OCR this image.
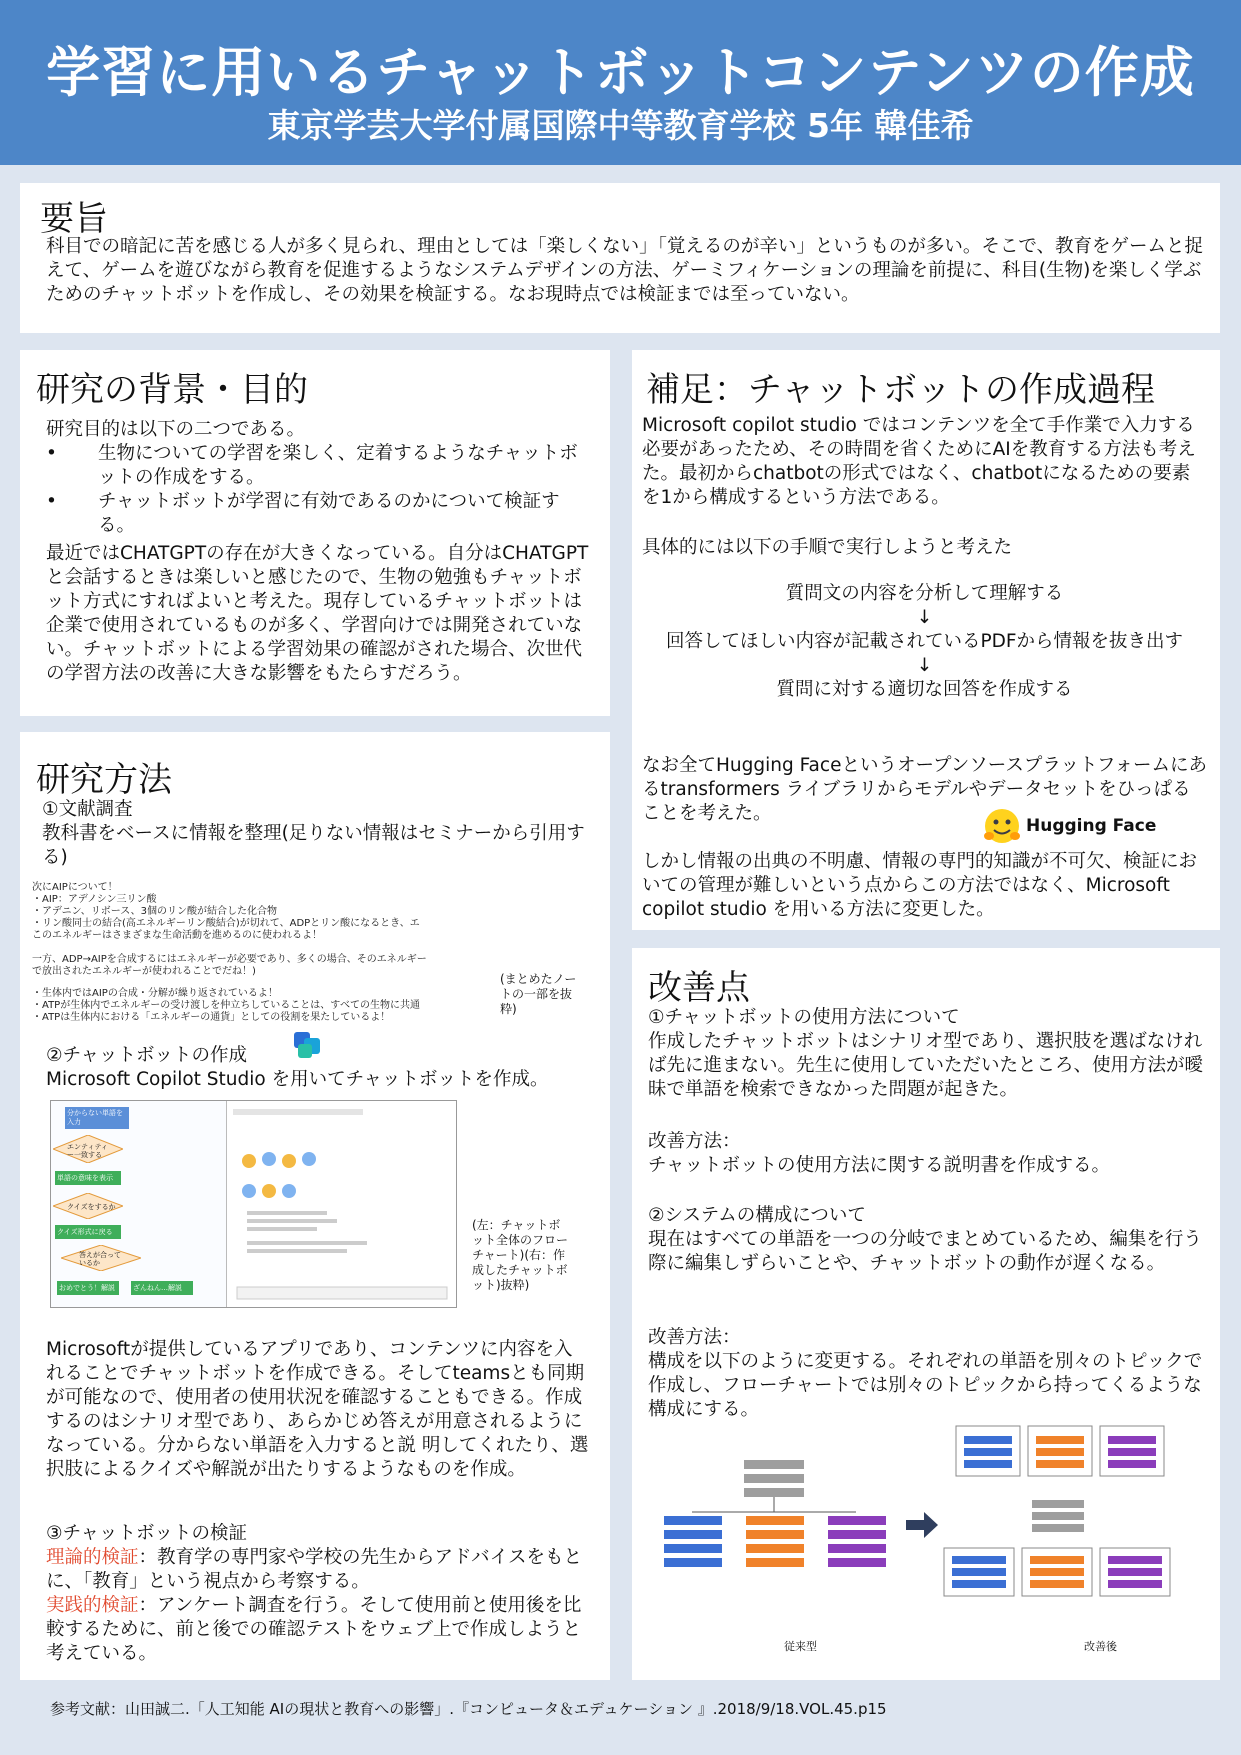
学習に用いるチャットボットコンテンツの作成
東京学芸大学付属国際中等教育学校 5年 韓佳希
要旨

科目での暗記に苦を感じる人が多く見られ、理由としては「楽しくない」「覚えるのが辛い」というものが多い。そこで、教育をゲームと捉えて、ゲームを遊びながら教育を促進するようなシステムデザインの方法、ゲーミフィケーションの理論を前提に、科目(生物)を楽しく学ぶためのチャットボットを作成し、その効果を検証する。なお現時点では検証までは至っていない。

研究の背景・目的

研究目的は以下の二つである。

• 生物についての学習を楽しく、定着するようなチャットボットの作成をする。

• チャットボットが学習に有効であるのかについて検証する。

最近ではCHATGPTの存在が大きくなっている。自分はCHATGPTと会話するときは楽しいと感じたので、生物の勉強もチャットボット方式にすればよいと考えた。現存しているチャットボットは企業で使用されているものが多く、学習向けでは開発されていない。チャットボットによる学習効果の確認がされた場合、次世代の学習方法の改善に大きな影響をもたらすだろう。

研究方法

①文献調査

教科書をベースに情報を整理(足りない情報はセミナーから引用する)

次にAIPについて！
・AIP：アデノシン三リン酸
・アデニン、リボース、3個のリン酸が結合した化合物
・リン酸同士の結合(高エネルギーリン酸結合)が切れて、ADPとリン酸になるとき、エ
このエネルギーはさまざまな生命活動を進めるのに使われるよ！
一方、ADP→AIPを合成するにはエネルギーが必要であり、多くの場合、そのエネルギー
で放出されたエネルギーが使われることでだね！)
・生体内ではAIPの合成・分解が繰り返されているよ！
・ATPが生体内でエネルギーの受け渡しを仲立ちしていることは、すべての生物に共通
・ATPは生体内における「エネルギーの通貨」としての役割を果たしているよ！

(まとめたノートの一部を抜粋)

②チャットボットの作成

Microsoft Copilot Studio を用いてチャットボットを作成。

分からない単語を入力
エンティティー一致する
単語の意味を表示
クイズをするか
クイズ形式に戻る
答えが合っているか
おめでとう！解説	ざんねん…解説

(左：チャットボット全体のフローチャート)(右：作成したチャットボット)抜粋)

Microsoftが提供しているアプリであり、コンテンツに内容を入れることでチャットボットを作成できる。そしてteamsとも同期が可能なので、使用者の使用状況を確認することもできる。作成するのはシナリオ型であり、あらかじめ答えが用意されるようになっている。分からない単語を入力すると説 明してくれたり、選択肢によるクイズや解説が出たりするようなものを作成。

③チャットボットの検証

理論的検証：教育学の専門家や学校の先生からアドバイスをもとに、「教育」という視点から考察する。

実践的検証：アンケート調査を行う。そして使用前と使用後を比較するために、前と後での確認テストをウェブ上で作成しようと考えている。

補足：チャットボットの作成過程

Microsoft copilot studio ではコンテンツを全て手作業で入力する必要があったため、その時間を省くためにAIを教育する方法も考えた。最初からchatbotの形式ではなく、chatbotになるための要素を1から構成するという方法である。

具体的には以下の手順で実行しようと考えた

質問文の内容を分析して理解する
↓
回答してほしい内容が記載されているPDFから情報を抜き出す
↓
質問に対する適切な回答を作成する

なお全てHugging Faceというオープンソースプラットフォームにあるtransformers ライブラリからモデルやデータセットをひっぱることを考えた。

Hugging Face

しかし情報の出典の不明慮、情報の専門的知識が不可欠、検証においての管理が難しいという点からこの方法ではなく、Microsoft copilot studio を用いる方法に変更した。

改善点

①チャットボットの使用方法について

作成したチャットボットはシナリオ型であり、選択肢を選ばなければ先に進まない。先生に使用していただいたところ、使用方法が曖昧で単語を検索できなかった問題が起きた。

改善方法：

チャットボットの使用方法に関する説明書を作成する。

②システムの構成について

現在はすべての単語を一つの分岐でまとめているため、編集を行う際に編集しずらいことや、チャットボットの動作が遅くなる。

改善方法：

構成を以下のように変更する。それぞれの単語を別々のトピックで作成し、フローチャートでは別々のトピックから持ってくるような構成にする。

従来型	改善後

参考文献：山田誠二.「人工知能 AIの現状と教育への影響」.『コンピュータ＆エデュケーション 』.2018/9/18.VOL.45.p15
